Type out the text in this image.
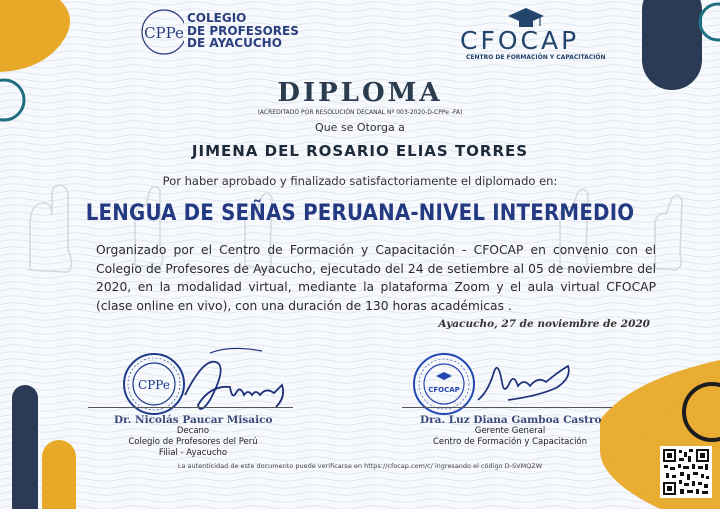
CPPe
COLEGIO
DE PROFESORES
DE AYACUCHO	CFOCAP
CENTRO DE FORMACIÓN Y CAPACITACIÓN
DIPLOMA
(ACREDITADO POR RESOLUCIÓN DECANAL Nº 003-2020-D-CPPe -FA)
Que se Otorga a
JIMENA DEL ROSARIO ELIAS TORRES
Por haber aprobado y finalizado satisfactoriamente el diplomado en:
LENGUA DE SEÑAS PERUANA-NIVEL INTERMEDIO
Organizado por el Centro de Formación y Capacitación - CFOCAP en convenio con el Colegio de Profesores de Ayacucho, ejecutado del 24 de setiembre al 05 de noviembre del 2020, en la modalidad virtual, mediante la plataforma Zoom y el aula virtual CFOCAP (clase online en vivo), con una duración de 130 horas académicas .
Ayacucho, 27 de noviembre de 2020
CPPe
Dr. Nicolás Paucar Misaico
Decano
Colegio de Profesores del Perú
Filial - Ayacucho
CFOCAP
Dra. Luz Diana Gamboa Castro
Gerente General
Centro de Formación y Capacitación
La autenticidad de este documento puede verificarse en https://cfocap.com/c/ ingresando el código D-SVMQZW
